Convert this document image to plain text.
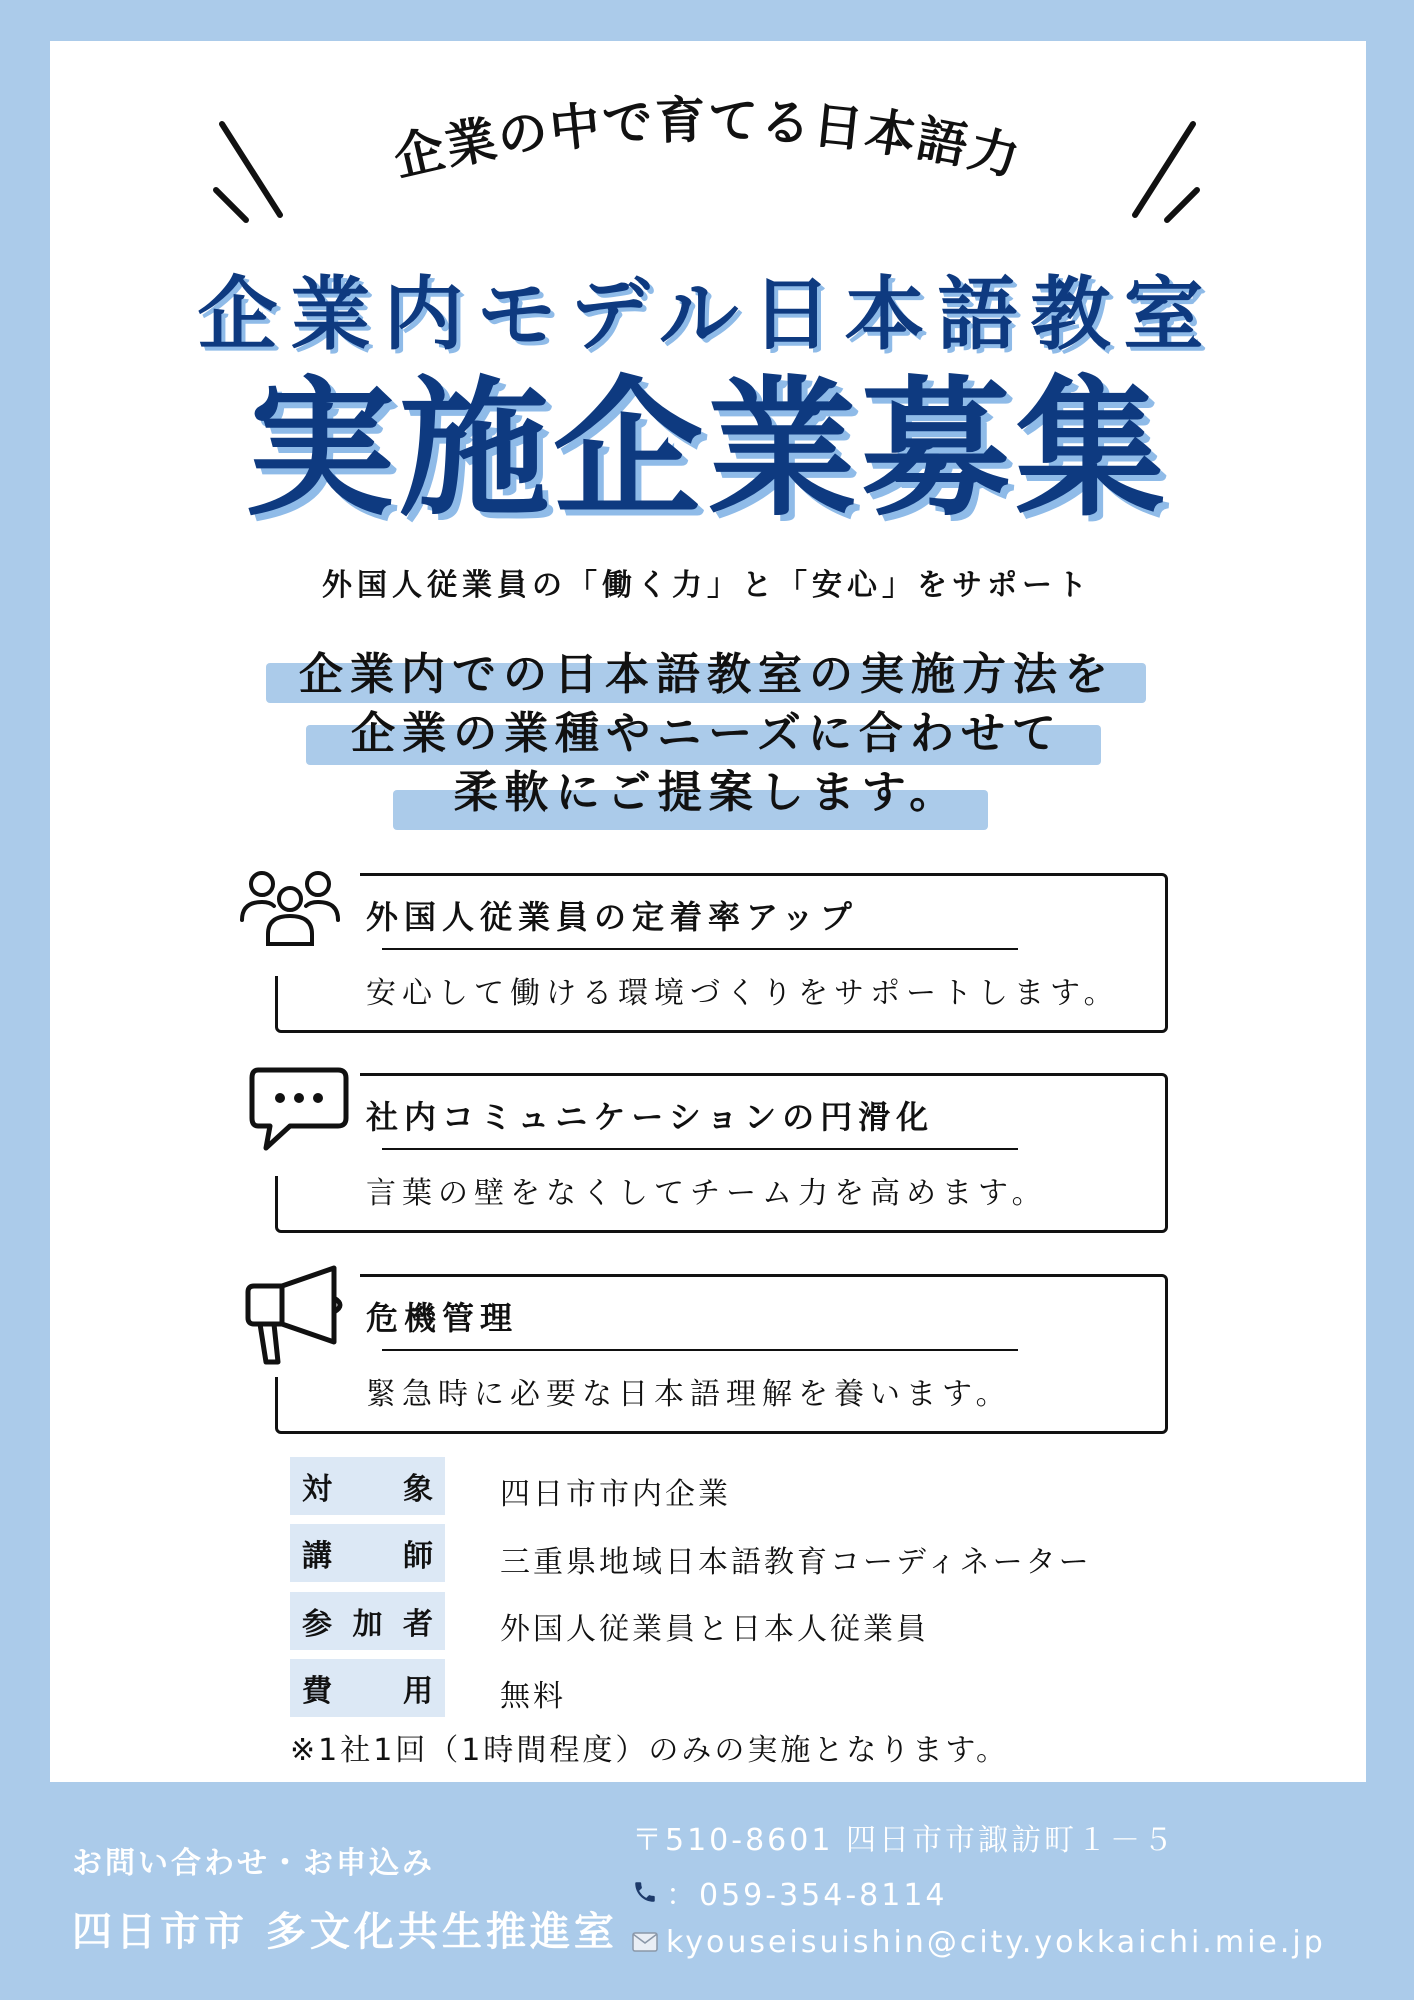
企業の中で育てる日本語力
企業内モデル日本語教室
実施企業募集
外国人従業員の「働く力」と「安心」をサポート
企業内での日本語教室の実施方法を
企業の業種やニーズに合わせて
柔軟にご提案します。
外国人従業員の定着率アップ
安心して働ける環境づくりをサポートします。
社内コミュニケーションの円滑化
言葉の壁をなくしてチーム力を高めます。
危機管理
緊急時に必要な日本語理解を養います。
対 象 四日市市内企業
講 師 三重県地域日本語教育コーディネーター
参 加 者 外国人従業員と日本人従業員
費 用 無料
※1社1回（1時間程度）のみの実施となります。
お問い合わせ・お申込み
四日市市 多文化共生推進室
〒510-8601 四日市市諏訪町１－５
：059-354-8114
kyouseisuishin@city.yokkaichi.mie.jp
